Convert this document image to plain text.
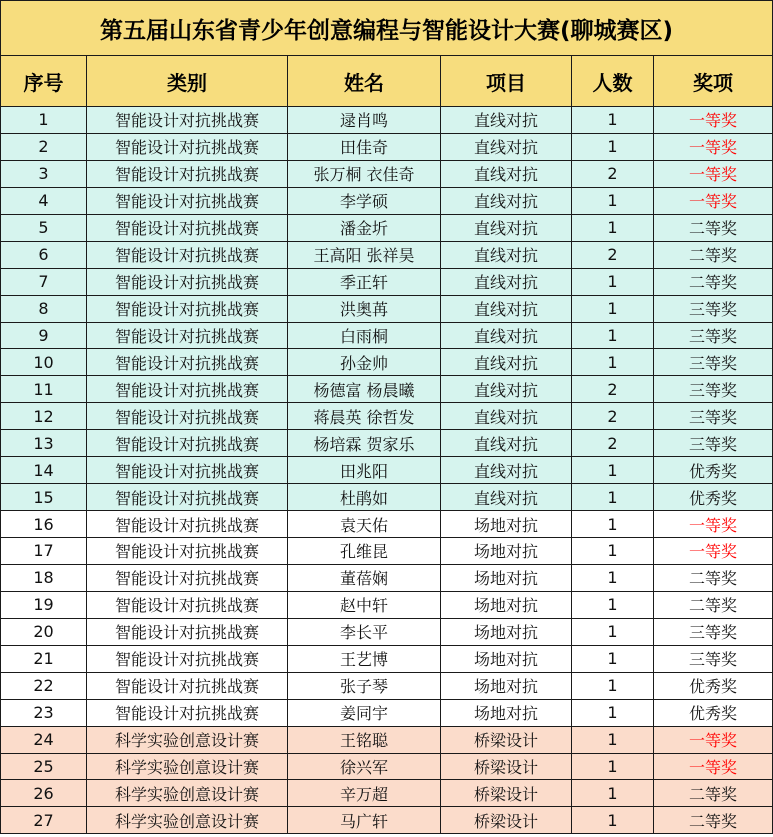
第五届山东省青少年创意编程与智能设计大赛(聊城赛区)					
序号	类别	姓名	项目	人数	奖项
1	智能设计对抗挑战赛	逯肖鸣	直线对抗	1	一等奖
2	智能设计对抗挑战赛	田佳奇	直线对抗	1	一等奖
3	智能设计对抗挑战赛	张万桐 衣佳奇	直线对抗	2	一等奖
4	智能设计对抗挑战赛	李学硕	直线对抗	1	一等奖
5	智能设计对抗挑战赛	潘金圻	直线对抗	1	二等奖
6	智能设计对抗挑战赛	王高阳 张祥昊	直线对抗	2	二等奖
7	智能设计对抗挑战赛	季正轩	直线对抗	1	二等奖
8	智能设计对抗挑战赛	洪奥苒	直线对抗	1	三等奖
9	智能设计对抗挑战赛	白雨桐	直线对抗	1	三等奖
10	智能设计对抗挑战赛	孙金帅	直线对抗	1	三等奖
11	智能设计对抗挑战赛	杨德富 杨晨曦	直线对抗	2	三等奖
12	智能设计对抗挑战赛	蒋晨英 徐哲发	直线对抗	2	三等奖
13	智能设计对抗挑战赛	杨培霖 贺家乐	直线对抗	2	三等奖
14	智能设计对抗挑战赛	田兆阳	直线对抗	1	优秀奖
15	智能设计对抗挑战赛	杜鹃如	直线对抗	1	优秀奖
16	智能设计对抗挑战赛	袁天佑	场地对抗	1	一等奖
17	智能设计对抗挑战赛	孔维昆	场地对抗	1	一等奖
18	智能设计对抗挑战赛	董蓓娴	场地对抗	1	二等奖
19	智能设计对抗挑战赛	赵中轩	场地对抗	1	二等奖
20	智能设计对抗挑战赛	李长平	场地对抗	1	三等奖
21	智能设计对抗挑战赛	王艺博	场地对抗	1	三等奖
22	智能设计对抗挑战赛	张子琴	场地对抗	1	优秀奖
23	智能设计对抗挑战赛	姜同宇	场地对抗	1	优秀奖
24	科学实验创意设计赛	王铭聪	桥梁设计	1	一等奖
25	科学实验创意设计赛	徐兴军	桥梁设计	1	一等奖
26	科学实验创意设计赛	辛万超	桥梁设计	1	二等奖
27	科学实验创意设计赛	马广轩	桥梁设计	1	二等奖
